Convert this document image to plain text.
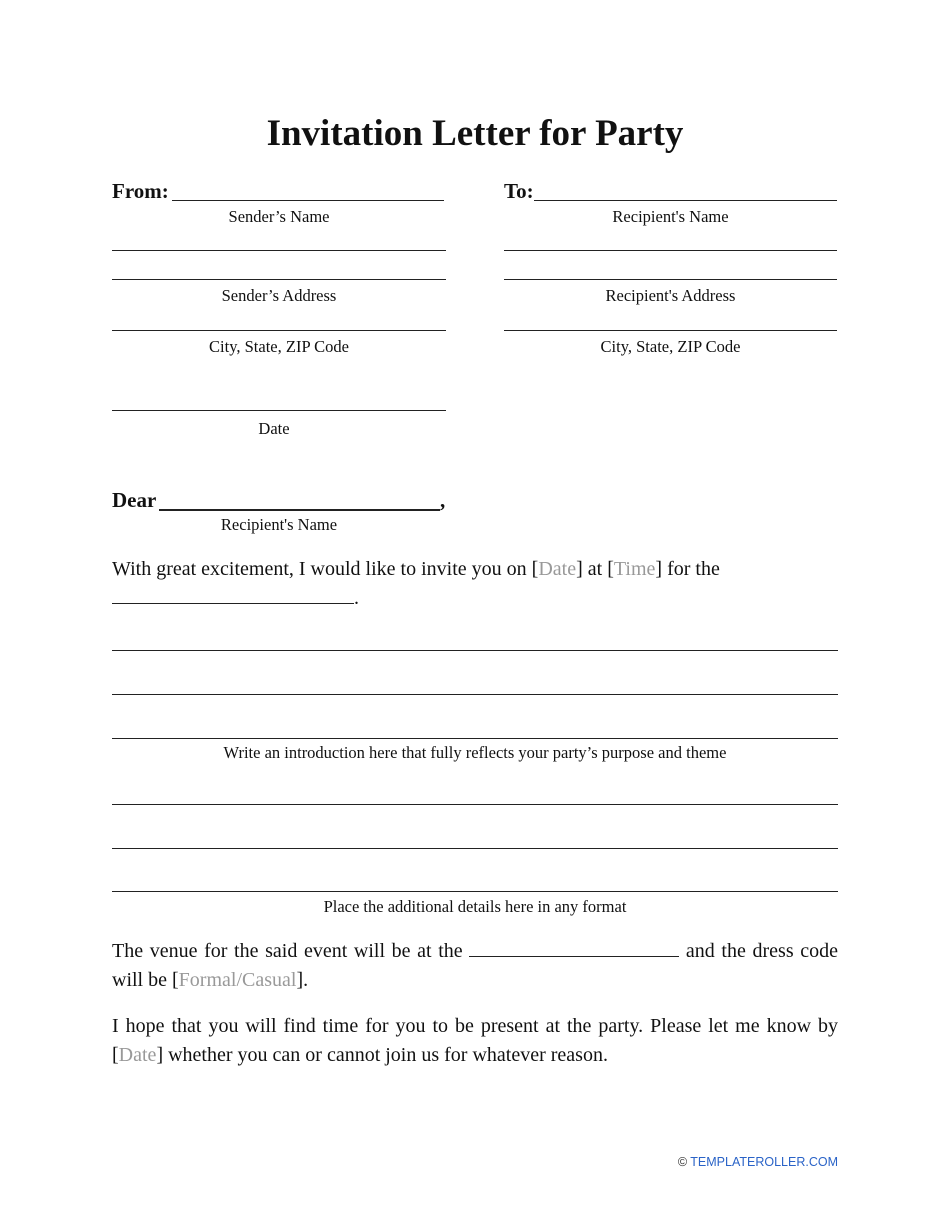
Invitation Letter for Party
From:
Sender’s Name
Sender’s Address
City, State, ZIP Code
Date
To:
Recipient's Name
Recipient's Address
City, State, ZIP Code
Dear	,
Recipient's Name
With great excitement, I would like to invite you on [Date] at [Time] for the
.
Write an introduction here that fully reflects your party’s purpose and theme
Place the additional details here in any format
The venue for the said event will be at the	and the dress code will be [Formal/Casual].
I hope that you will find time for you to be present at the party. Please let me know by [Date] whether you can or cannot join us for whatever reason.
© TEMPLATEROLLER.COM
